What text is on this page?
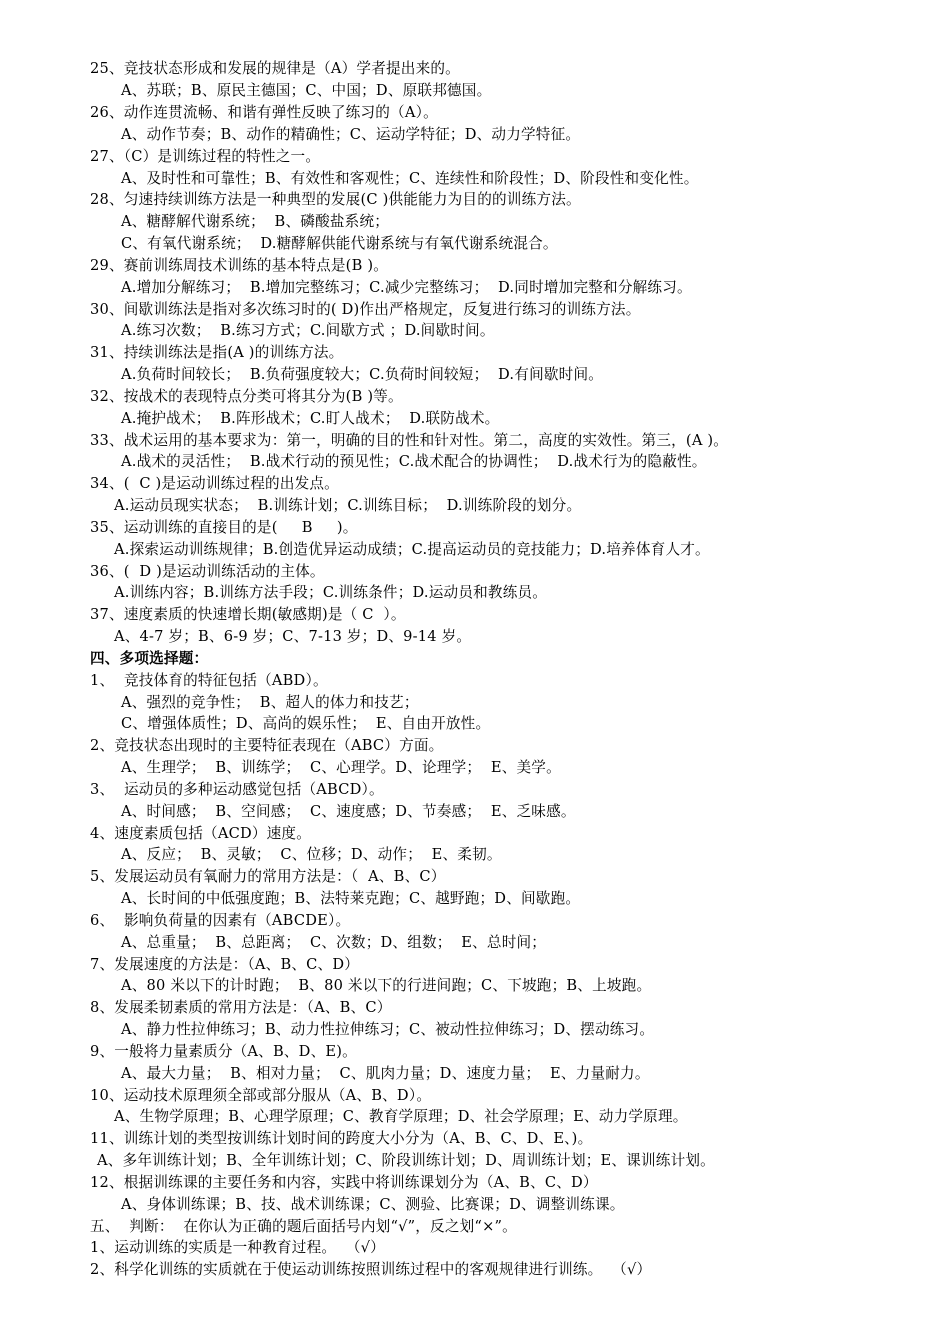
25、竞技状态形成和发展的规律是（A）学者提出来的。
A、苏联；B、原民主德国；C、中国；D、原联邦德国。
26、动作连贯流畅、和谐有弹性反映了练习的（A）。
A、动作节奏；B、动作的精确性；C、运动学特征；D、动力学特征。
27、（C）是训练过程的特性之一。
A、及时性和可靠性；B、有效性和客观性；C、连续性和阶段性；D、阶段性和变化性。
28、匀速持续训练方法是一种典型的发展(C )供能能力为目的的训练方法。
A、糖酵解代谢系统；  B、磷酸盐系统；
C、有氧代谢系统；  D.糖酵解供能代谢系统与有氧代谢系统混合。
29、赛前训练周技术训练的基本特点是(B )。
A.增加分解练习；  B.增加完整练习；C.减少完整练习；  D.同时增加完整和分解练习。
30、间歇训练法是指对多次练习时的( D)作出严格规定，反复进行练习的训练方法。
A.练习次数；  B.练习方式；C.间歇方式 ；D.间歇时间。
31、持续训练法是指(A )的训练方法。
A.负荷时间较长；  B.负荷强度较大；C.负荷时间较短；  D.有间歇时间。
32、按战术的表现特点分类可将其分为(B )等。
A.掩护战术；  B.阵形战术；C.盯人战术；  D.联防战术。
33、战术运用的基本要求为：第一，明确的目的性和针对性。第二，高度的实效性。第三，(A )。
A.战术的灵活性；  B.战术行动的预见性；C.战术配合的协调性；  D.战术行为的隐蔽性。
34、(  C )是运动训练过程的出发点。
A.运动员现实状态；  B.训练计划；C.训练目标；  D.训练阶段的划分。
35、运动训练的直接目的是(     B     )。
A.探索运动训练规律；B.创造优异运动成绩；C.提高运动员的竞技能力；D.培养体育人才。
36、(  D )是运动训练活动的主体。
A.训练内容；B.训练方法手段；C.训练条件；D.运动员和教练员。
37、速度素质的快速增长期(敏感期)是（ C  ）。
A、4-7 岁；B、6-9 岁；C、7-13 岁；D、9-14 岁。
四、多项选择题：
1、  竞技体育的特征包括（ABD）。
A、强烈的竞争性；  B、超人的体力和技艺；
C、增强体质性；D、高尚的娱乐性；  E、自由开放性。
2、竞技状态出现时的主要特征表现在（ABC）方面。
A、生理学；  B、训练学；  C、心理学。D、论理学；  E、美学。
3、  运动员的多种运动感觉包括（ABCD）。
A、时间感；  B、空间感；  C、速度感；D、节奏感；  E、乏味感。
4、速度素质包括（ACD）速度。
A、反应；  B、灵敏；  C、位移；D、动作；  E、柔韧。
5、发展运动员有氧耐力的常用方法是：（  A、B、C）
A、长时间的中低强度跑；B、法特莱克跑；C、越野跑；D、间歇跑。
6、  影响负荷量的因素有（ABCDE）。
A、总重量；  B、总距离；  C、次数；D、组数；  E、总时间；
7、发展速度的方法是：（A、B、C、D）
A、80 米以下的计时跑；  B、80 米以下的行进间跑；C、下坡跑；B、上坡跑。
8、发展柔韧素质的常用方法是：（A、B、C）
A、静力性拉伸练习；B、动力性拉伸练习；C、被动性拉伸练习；D、摆动练习。
9、一般将力量素质分（A、B、D、E)。
A、最大力量；  B、相对力量；  C、肌肉力量；D、速度力量；  E、力量耐力。
10、运动技术原理须全部或部分服从（A、B、D）。
A、生物学原理；B、心理学原理；C、教育学原理；D、社会学原理；E、动力学原理。
11、训练计划的类型按训练计划时间的跨度大小分为（A、B、C、D、E、)。
A、多年训练计划；B、全年训练计划；C、阶段训练计划；D、周训练计划；E、课训练计划。
12、根据训练课的主要任务和内容，实践中将训练课划分为（A、B、C、D）
A、身体训练课；B、技、战术训练课；C、测验、比赛课；D、调整训练课。
五、  判断：  在你认为正确的题后面括号内划“√”，反之划“×”。
1、运动训练的实质是一种教育过程。  （√）
2、科学化训练的实质就在于使运动训练按照训练过程中的客观规律进行训练。  （√）
